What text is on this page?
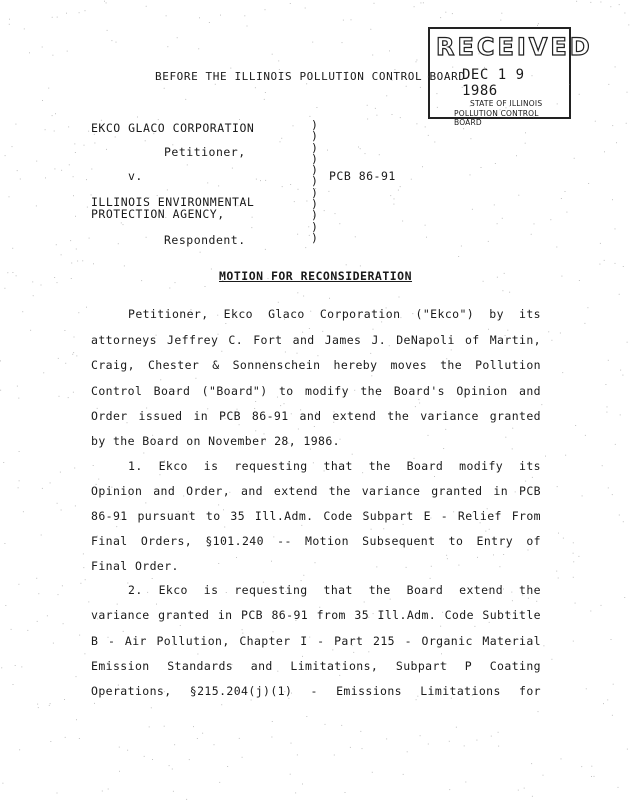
BEFORE THE ILLINOIS POLLUTION CONTROL BOARD
RECEIVED
DEC 1 9 1986
STATE OF ILLINOIS
POLLUTION CONTROL BOARD
EKCO GLACO CORPORATION
Petitioner,
v.	PCB 86-91
ILLINOIS ENVIRONMENTAL
PROTECTION AGENCY,
Respondent.
)
)
)
)
)
)
)
)
)
)
)
MOTION FOR RECONSIDERATION
Petitioner, Ekco Glaco Corporation ("Ekco") by its
attorneys Jeffrey C. Fort and James J. DeNapoli of Martin,
Craig, Chester & Sonnenschein hereby moves the Pollution
Control Board ("Board") to modify the Board's Opinion and
Order issued in PCB 86-91 and extend the variance granted
by the Board on November 28, 1986.
1. Ekco is requesting that the Board modify its
Opinion and Order, and extend the variance granted in PCB
86-91 pursuant to 35 Ill.Adm. Code Subpart E - Relief From
Final Orders, §101.240 -- Motion Subsequent to Entry of
Final Order.
2. Ekco is requesting that the Board extend the
variance granted in PCB 86-91 from 35 Ill.Adm. Code Subtitle
B - Air Pollution, Chapter I - Part 215 - Organic Material
Emission Standards and Limitations, Subpart P Coating
Operations, §215.204(j)(1) - Emissions Limitations for
